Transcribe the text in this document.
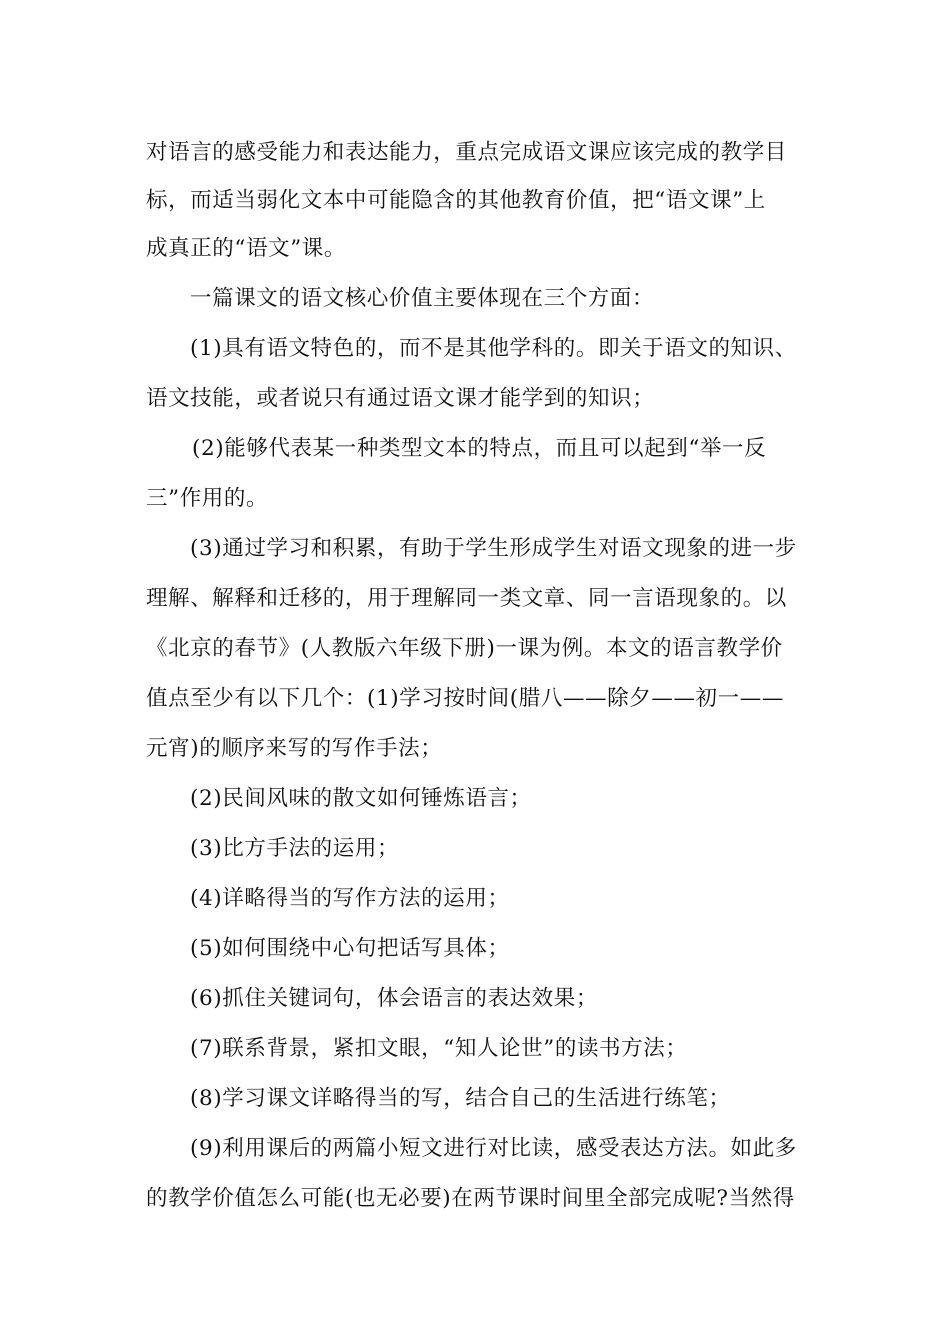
对语言的感受能力和表达能力，重点完成语文课应该完成的教学目
标，而适当弱化文本中可能隐含的其他教育价值，把“语文课”上
成真正的“语文”课。
一篇课文的语文核心价值主要体现在三个方面：
(1)具有语文特色的，而不是其他学科的。即关于语文的知识、
语文技能，或者说只有通过语文课才能学到的知识；
(2)能够代表某一种类型文本的特点，而且可以起到“举一反
三”作用的。
(3)通过学习和积累，有助于学生形成学生对语文现象的进一步
理解、解释和迁移的，用于理解同一类文章、同一言语现象的。以
《北京的春节》(人教版六年级下册)一课为例。本文的语言教学价
值点至少有以下几个：(1)学习按时间(腊八——除夕——初一——
元宵)的顺序来写的写作手法；
(2)民间风味的散文如何锤炼语言；
(3)比方手法的运用；
(4)详略得当的写作方法的运用；
(5)如何围绕中心句把话写具体；
(6)抓住关键词句，体会语言的表达效果；
(7)联系背景，紧扣文眼，“知人论世”的读书方法；
(8)学习课文详略得当的写，结合自己的生活进行练笔；
(9)利用课后的两篇小短文进行对比读，感受表达方法。如此多
的教学价值怎么可能(也无必要)在两节课时间里全部完成呢?当然得
